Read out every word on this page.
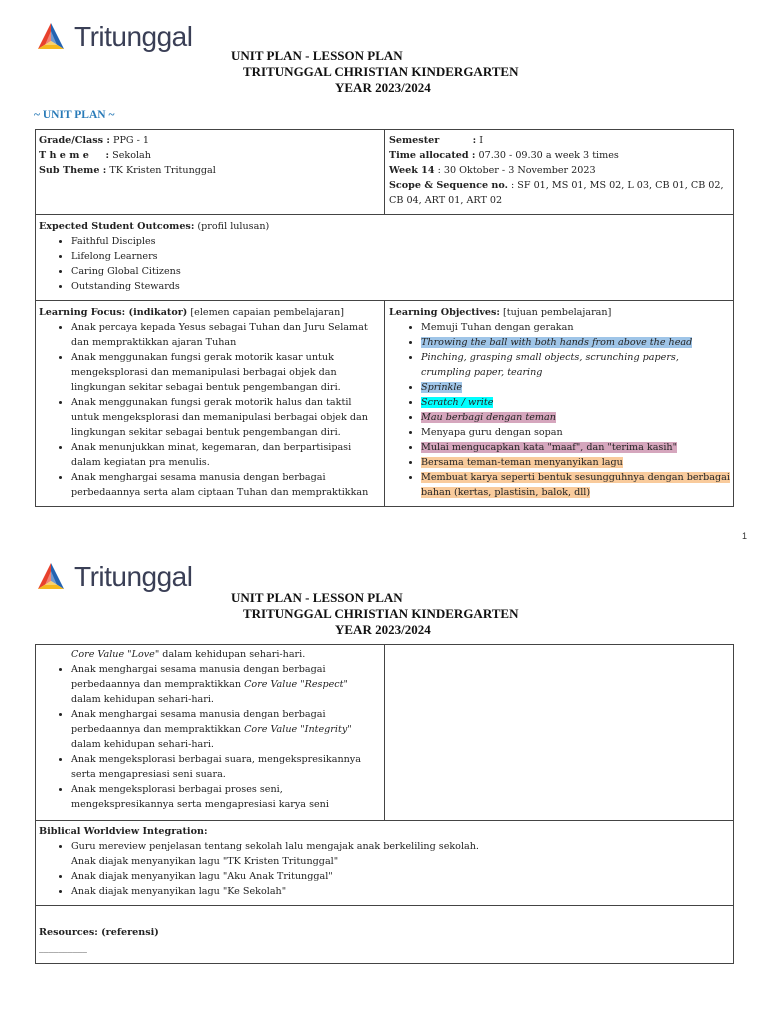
Tritunggal
UNIT PLAN - LESSON PLAN
TRITUNGGAL CHRISTIAN KINDERGARTEN
YEAR 2023/2024
~ UNIT PLAN ~
Grade/Class : PPG - 1
T h e m e     : Sekolah
Sub Theme : TK Kristen Tritunggal
Semester          : I
Time allocated : 07.30 - 09.30 a week 3 times
Week 14 : 30 Oktober - 3 November 2023
Scope & Sequence no. : SF 01, MS 01, MS 02, L 03, CB 01, CB 02, CB 04, ART 01, ART 02
Expected Student Outcomes: (profil lulusan)
• Faithful Disciples
• Lifelong Learners
• Caring Global Citizens
• Outstanding Stewards
Learning Focus: (indikator) [elemen capaian pembelajaran]
• Anak percaya kepada Yesus sebagai Tuhan dan Juru Selamat dan mempraktikkan ajaran Tuhan
• Anak menggunakan fungsi gerak motorik kasar untuk mengeksplorasi dan memanipulasi berbagai objek dan lingkungan sekitar sebagai bentuk pengembangan diri.
• Anak menggunakan fungsi gerak motorik halus dan taktil untuk mengeksplorasi dan memanipulasi berbagai objek dan lingkungan sekitar sebagai bentuk pengembangan diri.
• Anak menunjukkan minat, kegemaran, dan berpartisipasi dalam kegiatan pra menulis.
• Anak menghargai sesama manusia dengan berbagai perbedaannya serta alam ciptaan Tuhan dan mempraktikkan
Learning Objectives: [tujuan pembelajaran]
• Memuji Tuhan dengan gerakan
• Throwing the ball with both hands from above the head
• Pinching, grasping small objects, scrunching papers, crumpling paper, tearing
• Sprinkle
• Scratch / write
• Mau berbagi dengan teman
• Menyapa guru dengan sopan
• Mulai mengucapkan kata "maaf", dan "terima kasih"
• Bersama teman-teman menyanyikan lagu
• Membuat karya seperti bentuk sesungguhnya dengan berbagai bahan (kertas, plastisin, balok, dll)
1
Tritunggal
UNIT PLAN - LESSON PLAN
TRITUNGGAL CHRISTIAN KINDERGARTEN
YEAR 2023/2024
Core Value "Love" dalam kehidupan sehari-hari.
• Anak menghargai sesama manusia dengan berbagai perbedaannya dan mempraktikkan Core Value "Respect" dalam kehidupan sehari-hari.
• Anak menghargai sesama manusia dengan berbagai perbedaannya dan mempraktikkan Core Value "Integrity" dalam kehidupan sehari-hari.
• Anak mengeksplorasi berbagai suara, mengekspresikannya serta mengapresiasi seni suara.
• Anak mengeksplorasi berbagai proses seni, mengekspresikannya serta mengapresiasi karya seni
Biblical Worldview Integration:
• Guru mereview penjelasan tentang sekolah lalu mengajak anak berkeliling sekolah. Anak diajak menyanyikan lagu "TK Kristen Tritunggal"
• Anak diajak menyanyikan lagu "Aku Anak Tritunggal"
• Anak diajak menyanyikan lagu "Ke Sekolah"
Resources: (referensi)
__________
